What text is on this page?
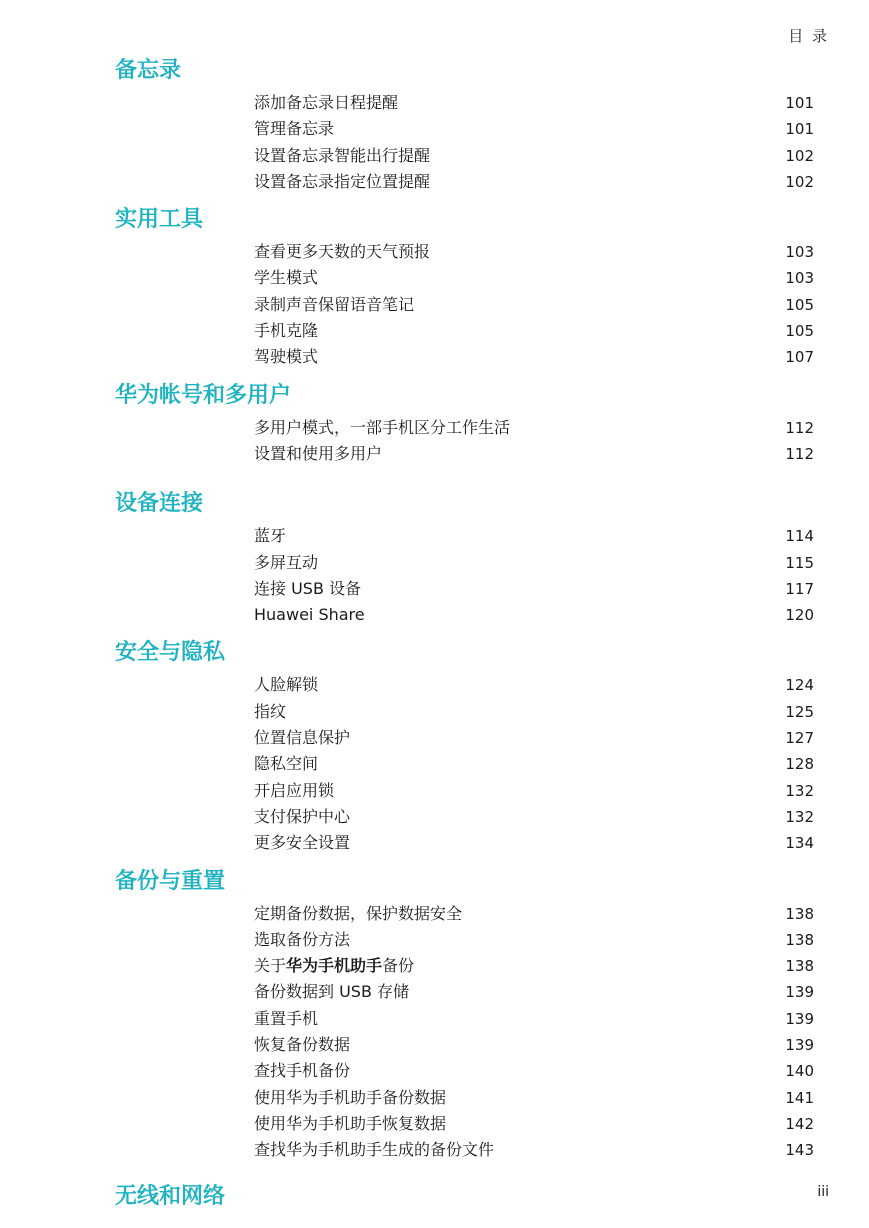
目 录
备忘录
添加备忘录日程提醒	101
管理备忘录	101
设置备忘录智能出行提醒	102
设置备忘录指定位置提醒	102
实用工具
查看更多天数的天气预报	103
学生模式	103
录制声音保留语音笔记	105
手机克隆	105
驾驶模式	107
华为帐号和多用户
多用户模式，一部手机区分工作生活	112
设置和使用多用户	112
设备连接
蓝牙	114
多屏互动	115
连接 USB 设备	117
Huawei Share	120
安全与隐私
人脸解锁	124
指纹	125
位置信息保护	127
隐私空间	128
开启应用锁	132
支付保护中心	132
更多安全设置	134
备份与重置
定期备份数据，保护数据安全	138
选取备份方法	138
关于华为手机助手备份	138
备份数据到 USB 存储	139
重置手机	139
恢复备份数据	139
查找手机备份	140
使用华为手机助手备份数据	141
使用华为手机助手恢复数据	142
查找华为手机助手生成的备份文件	143
无线和网络	iii
